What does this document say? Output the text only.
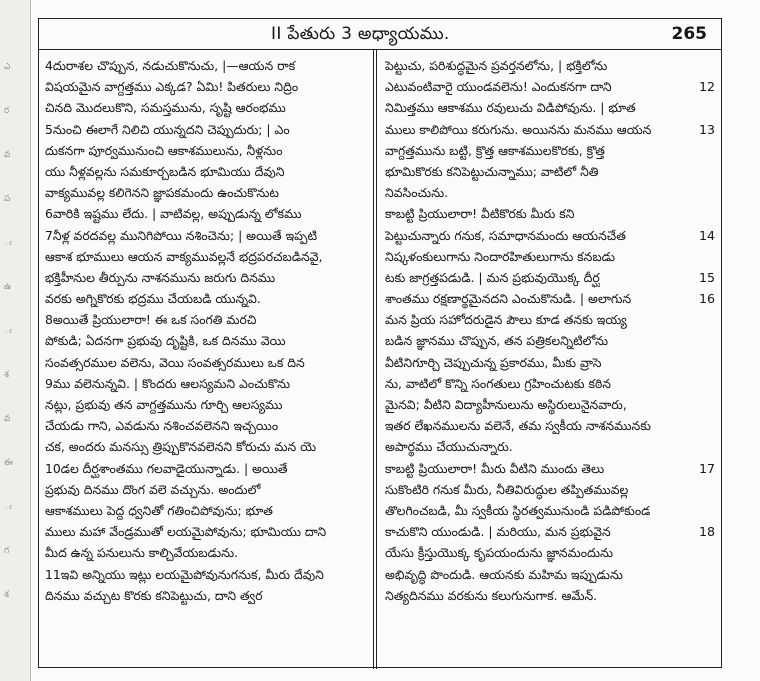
ఎ
ర
వ
ప
ఁ
ఉ
ఁ
శ
వ
ఈ
ఁ
గ
శ
II పేతురు 3 అధ్యాయము.	265
4దురాశల చొప్పున, నడుచుకొనుచు, |—ఆయన రాక
విషయమైన వాగ్దత్తము ఎక్కడ? ఏమి! పితరులు నిద్రిం
చినది మొదలుకొని, సమస్తమును, సృష్టి ఆరంభము
5నుంచి ఈలాగే నిలిచి యున్నదని చెప్పుదురు; | ఎం
దుకనగా పూర్వమునుంచి ఆకాశములును, నీళ్లనుం
యు నీళ్లవల్లను సమకూర్చబడిన భూమియు దేవుని
వాక్యమువల్ల కలిగెనని జ్ఞాపకమందు ఉంచుకొనుట
6వారికి ఇష్టము లేదు. | వాటివల్ల, అప్పుడున్న లోకము
7నీళ్ల వరదవల్ల మునిగిపోయి నశించెను; | అయితే ఇప్పటి
ఆకాశ భూములు ఆయన వాక్యమువల్లనే భద్రపరచబడినవై,
భక్తిహీనుల తీర్పును నాశనమును జరుగు దినము
వరకు అగ్నికొరకు భద్రము చేయబడి యున్నవి.
8అయితే ప్రియులారా! ఈ ఒక సంగతి మరచి
పోకుడి; ఏదనగా ప్రభువు దృష్టికి, ఒక దినము వెయి
సంవత్సరముల వలెను, వెయి సంవత్సరములు ఒక దిన
9ము వలెనున్నవి. | కొందరు ఆలస్యమని ఎంచుకొను
నట్లు, ప్రభువు తన వాగ్దత్తమును గూర్చి ఆలస్యము
చేయడు గాని, ఎవడును నశించవలెనని ఇచ్చయిం
చక, అందరు మనస్సు త్రిప్పుకొనవలెనని కోరుచు మన యె
10డల దీర్ఘశాంతము గలవాడైయున్నాడు. | అయితే
ప్రభువు దినము దొంగ వలె వచ్చును. అందులో
ఆకాశములు పెద్ద ధ్వనితో గతించిపోవును; భూత
ములు మహా వేండ్రముతో లయమైపోవును; భూమియు దాని
మీద ఉన్న పనులును కాల్చివేయబడును.
11ఇవి అన్నియు ఇట్లు లయమైపోవునుగనుక, మీరు దేవుని
దినము వచ్చుట కొరకు కనిపెట్టుచు, దాని త్వర
పెట్టుచు, పరిశుద్ధమైన ప్రవర్తనలోను, | భక్తిలోను
ఎటువంటివారై యుండవలెను! ఎందుకనగా దాని	12
నిమిత్తము ఆకాశము రవులుచు విడిపోవును. | భూత
ములు కాలిపోయి కరుగును. అయినను మనము ఆయన	13
వాగ్దత్తమును బట్టి, క్రొత్త ఆకాశములకొరకు, క్రొత్త
భూమికొరకు కనిపెట్టుచున్నాము; వాటిలో నీతి
నివసించును.
కాబట్టి ప్రియులారా! వీటికొరకు మీరు కని
పెట్టుచున్నారు గనుక, సమాధానమందు ఆయనచేత	14
నిష్కళంకులుగాను నిందారహితులుగాను కనబడు
టకు జాగ్రత్తపడుడి. | మన ప్రభువుయొక్క దీర్ఘ	15
శాంతము రక్షణార్థమైనదని ఎంచుకొనుడి. | అలాగున	16
మన ప్రియ సహోదరుడైన పౌలు కూడ తనకు ఇయ్య
బడిన జ్ఞానము చొప్పున, తన పత్రికలన్నిటిలోను
వీటినిగూర్చి చెప్పుచున్న ప్రకారము, మీకు వ్రాసె
ను, వాటిలో కొన్ని సంగతులు గ్రహించుటకు కఠిన
మైనవి; వీటిని విద్యాహీనులును అస్థిరులునైనవారు,
ఇతర లేఖనములను వలెనే, తమ స్వకీయ నాశనమునకు
అపార్థము చేయుచున్నారు.
కాబట్టి ప్రియులారా! మీరు వీటిని ముందు తెలు	17
సుకొంటిరి గనుక మీరు, నీతివిరుద్ధుల తప్పితమువల్ల
తొలగించబడి, మీ స్వకీయ స్థిరత్వమునుండి పడిపోకుండ
కాచుకొని యుండుడి. | మరియు, మన ప్రభువైన	18
యేసు క్రీస్తుయొక్క కృపయందును జ్ఞానమందును
అభివృద్ధి పొందుడి. ఆయనకు మహిమ ఇప్పుడును
నిత్యదినము వరకును కలుగునుగాక. ఆమేన్.
